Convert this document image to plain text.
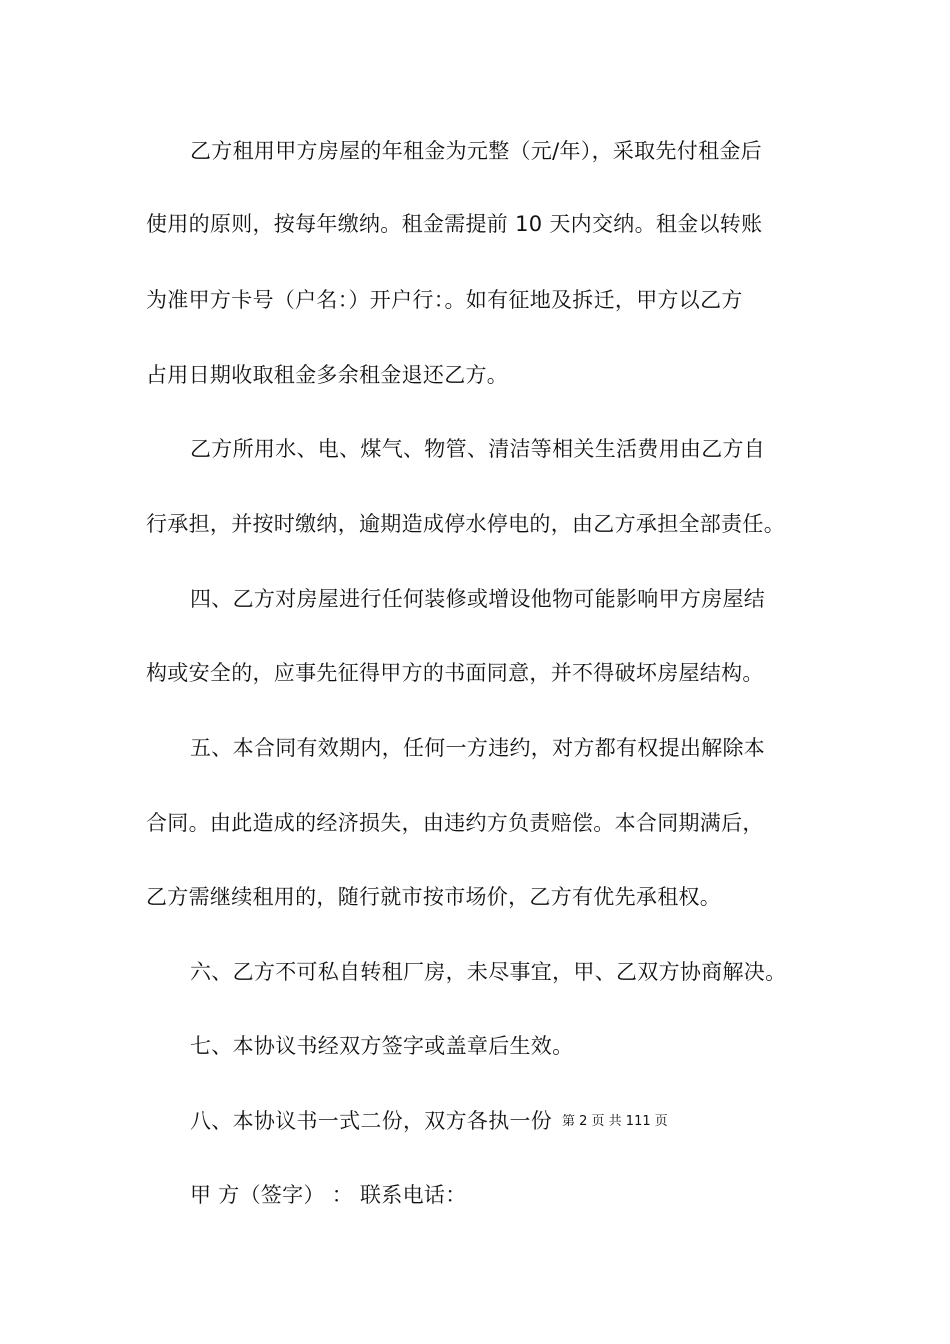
乙方租用甲方房屋的年租金为元整（元/年），采取先付租金后
使用的原则，按每年缴纳。租金需提前 10 天内交纳。租金以转账
为准甲方卡号（户名：）开户行：。如有征地及拆迁，甲方以乙方
占用日期收取租金多余租金退还乙方。
乙方所用水、电、煤气、物管、清洁等相关生活费用由乙方自
行承担，并按时缴纳，逾期造成停水停电的，由乙方承担全部责任。
四、乙方对房屋进行任何装修或增设他物可能影响甲方房屋结
构或安全的，应事先征得甲方的书面同意，并不得破坏房屋结构。
五、本合同有效期内，任何一方违约，对方都有权提出解除本
合同。由此造成的经济损失，由违约方负责赔偿。本合同期满后，
乙方需继续租用的，随行就市按市场价，乙方有优先承租权。
六、乙方不可私自转租厂房，未尽事宜，甲、乙双方协商解决。
七、本协议书经双方签字或盖章后生效。
八、本协议书一式二份，双方各执一份
甲 方（签字） ： 联系电话：
第 2 页 共 111 页
